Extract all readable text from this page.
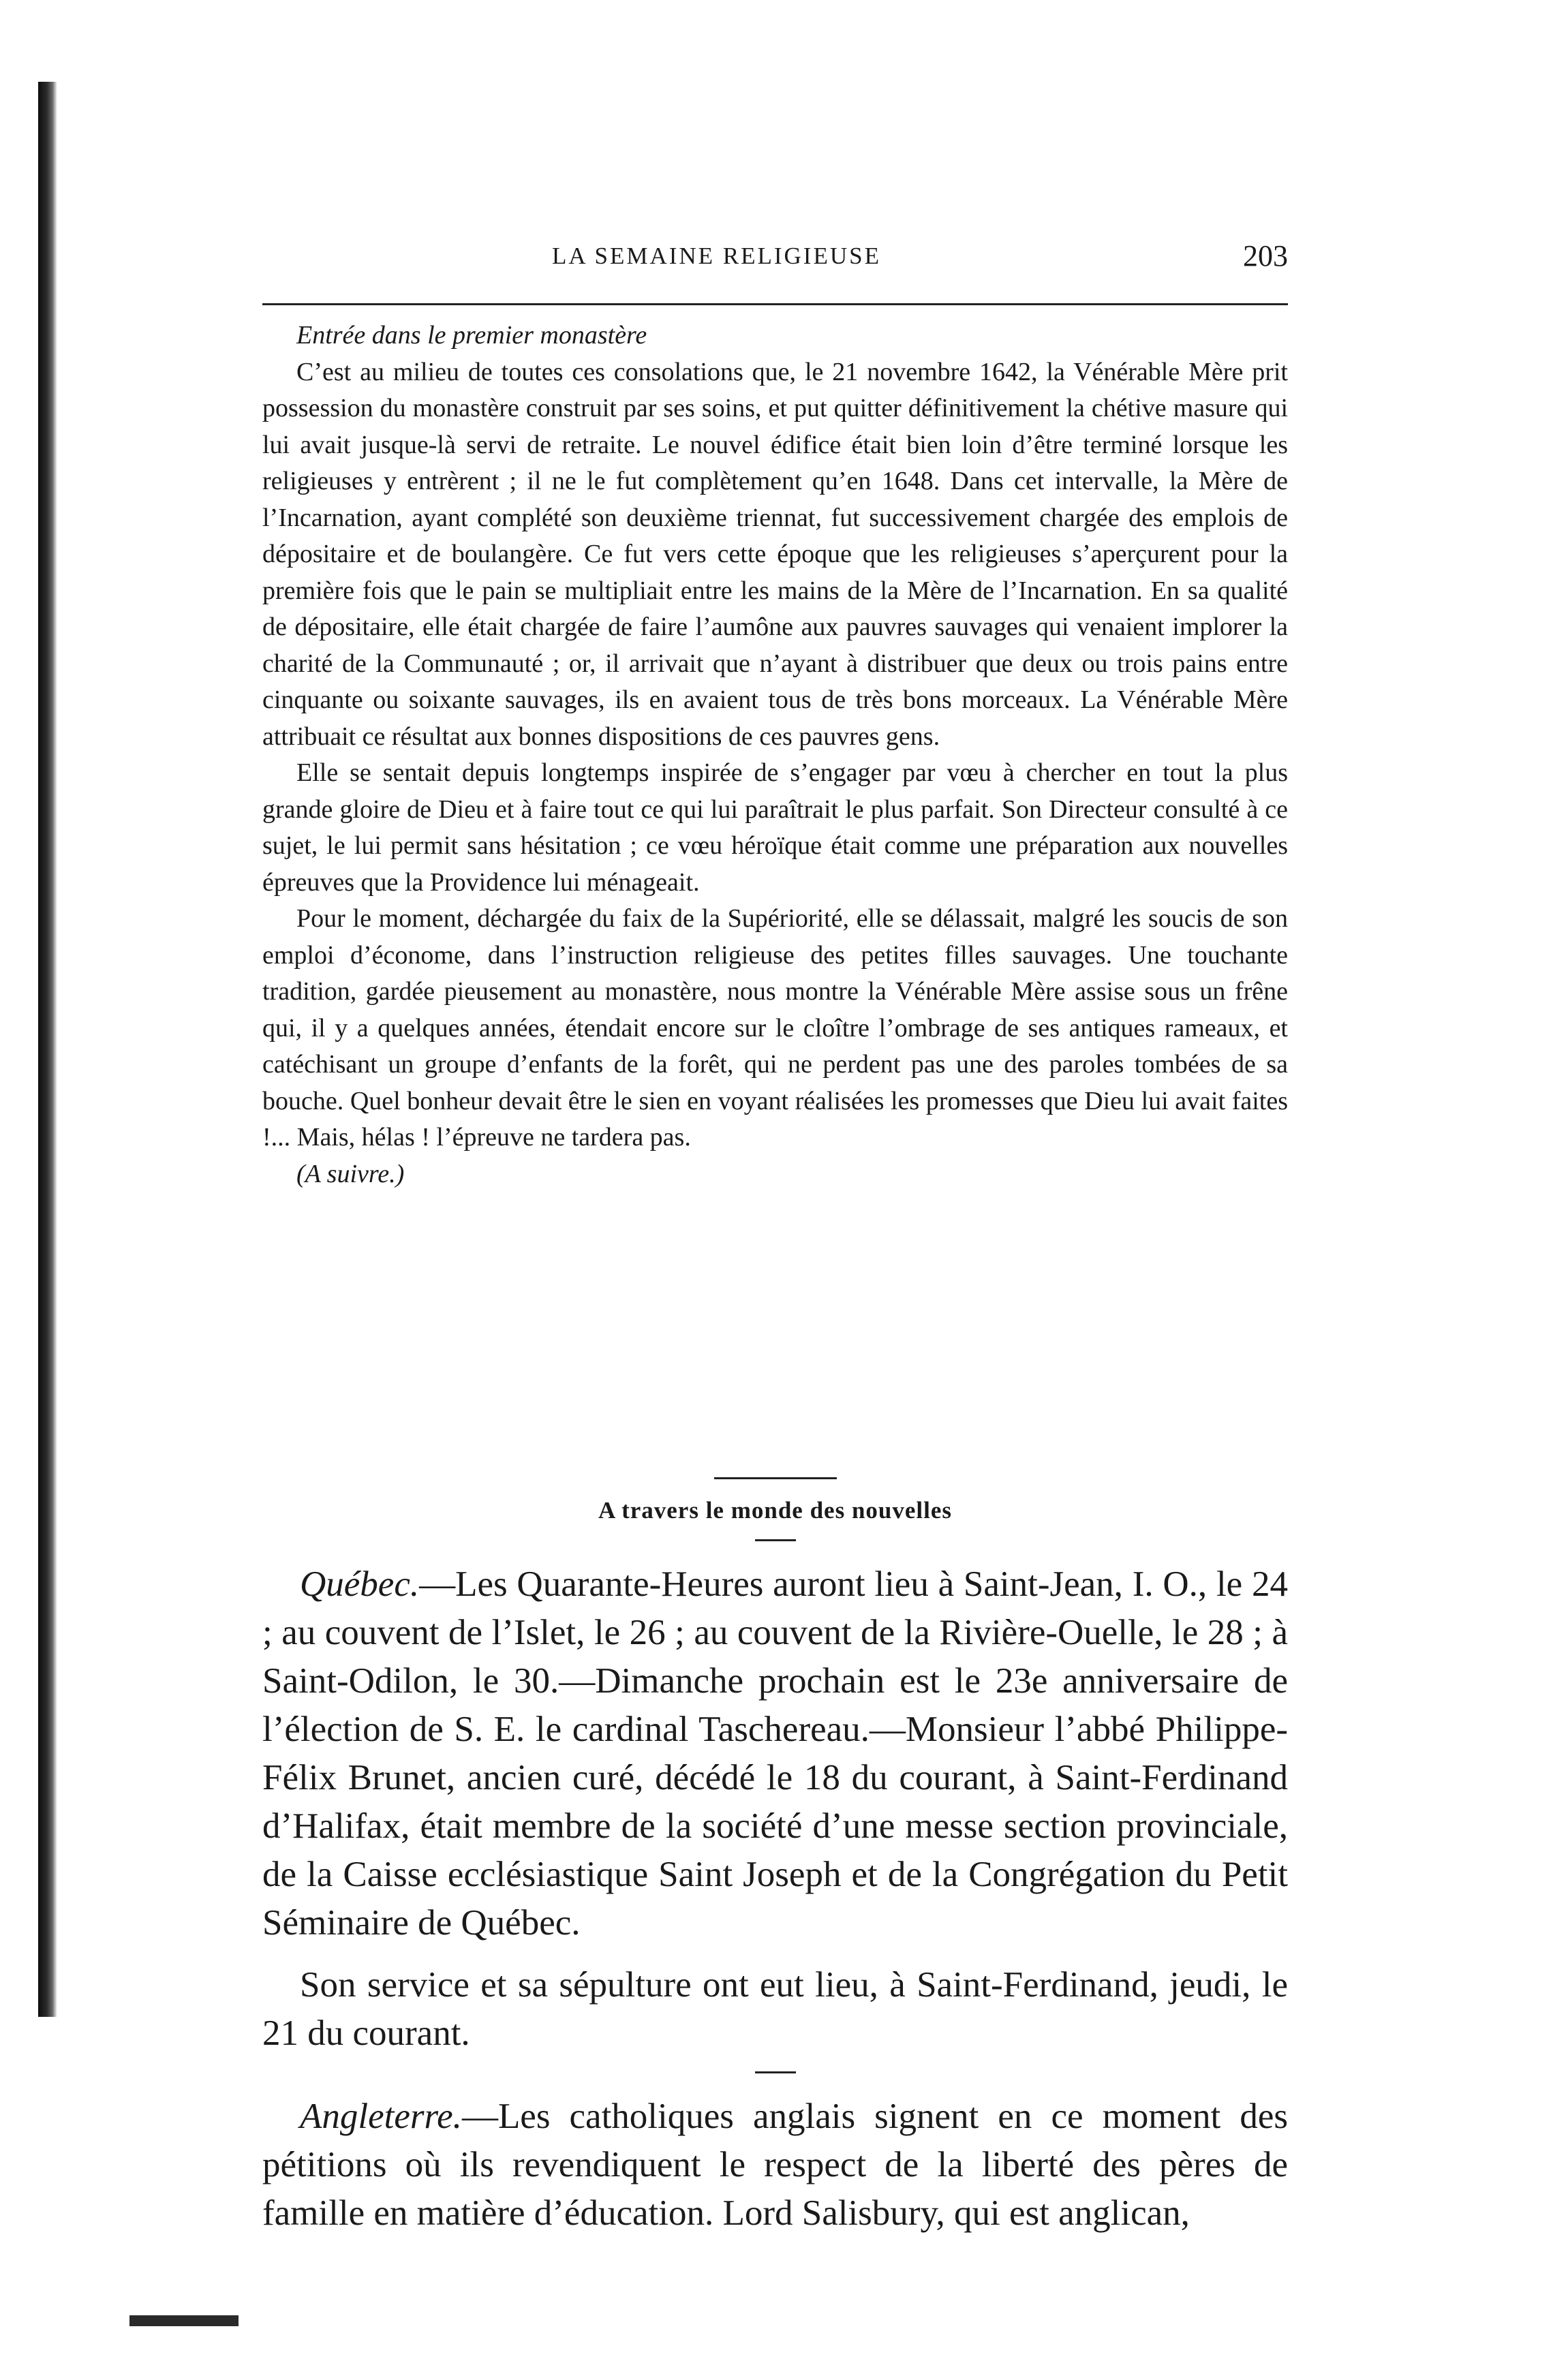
LA SEMAINE RELIGIEUSE	203

Entrée dans le premier monastère

C’est au milieu de toutes ces consolations que, le 21 novembre 1642, la Vénérable Mère prit possession du monastère construit par ses soins, et put quitter définitivement la chétive masure qui lui avait jusque-là servi de retraite. Le nouvel édifice était bien loin d’être terminé lorsque les religieuses y entrèrent ; il ne le fut complètement qu’en 1648. Dans cet intervalle, la Mère de l’Incarnation, ayant complété son deuxième triennat, fut successivement chargée des emplois de dépositaire et de boulangère. Ce fut vers cette époque que les religieuses s’aperçurent pour la première fois que le pain se multipliait entre les mains de la Mère de l’Incarnation. En sa qualité de dépositaire, elle était chargée de faire l’aumône aux pauvres sauvages qui venaient implorer la charité de la Communauté ; or, il arrivait que n’ayant à distribuer que deux ou trois pains entre cinquante ou soixante sauvages, ils en avaient tous de très bons morceaux. La Vénérable Mère attribuait ce résultat aux bonnes dispositions de ces pauvres gens.

Elle se sentait depuis longtemps inspirée de s’engager par vœu à chercher en tout la plus grande gloire de Dieu et à faire tout ce qui lui paraîtrait le plus parfait. Son Directeur consulté à ce sujet, le lui permit sans hésitation ; ce vœu héroïque était comme une préparation aux nouvelles épreuves que la Providence lui ménageait.

Pour le moment, déchargée du faix de la Supériorité, elle se délassait, malgré les soucis de son emploi d’économe, dans l’instruction religieuse des petites filles sauvages. Une touchante tradition, gardée pieusement au monastère, nous montre la Vénérable Mère assise sous un frêne qui, il y a quelques années, étendait encore sur le cloître l’ombrage de ses antiques rameaux, et catéchisant un groupe d’enfants de la forêt, qui ne perdent pas une des paroles tombées de sa bouche. Quel bonheur devait être le sien en voyant réalisées les promesses que Dieu lui avait faites !... Mais, hélas ! l’épreuve ne tardera pas.

(A suivre.)

A travers le monde des nouvelles

Québec.—Les Quarante-Heures auront lieu à Saint-Jean, I. O., le 24 ; au couvent de l’Islet, le 26 ; au couvent de la Rivière-Ouelle, le 28 ; à Saint-Odilon, le 30.—Dimanche prochain est le 23e anniversaire de l’élection de S. E. le cardinal Taschereau.—Monsieur l’abbé Philippe-Félix Brunet, ancien curé, décédé le 18 du courant, à Saint-Ferdinand d’Halifax, était membre de la société d’une messe section provinciale, de la Caisse ecclésiastique Saint Joseph et de la Congrégation du Petit Séminaire de Québec.

Son service et sa sépulture ont eut lieu, à Saint-Ferdinand, jeudi, le 21 du courant.

Angleterre.—Les catholiques anglais signent en ce moment des pétitions où ils revendiquent le respect de la liberté des pères de famille en matière d’éducation. Lord Salisbury, qui est anglican,
